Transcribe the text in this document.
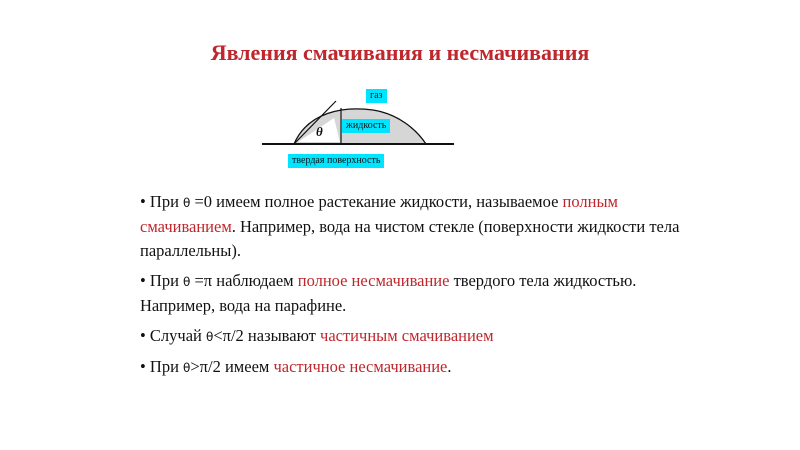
Явления смачивания и несмачивания
θ
газ
жидкость
твердая поверхность
• При θ =0 имеем полное растекание жидкости, называемое полным смачиванием. Например, вода на чистом стекле (поверхности жидкости тела параллельны).
• При θ =π наблюдаем полное несмачивание твердого тела жидкостью. Например, вода на парафине.
• Случай θ<π/2 называют частичным смачиванием
• При θ>π/2 имеем частичное несмачивание.
